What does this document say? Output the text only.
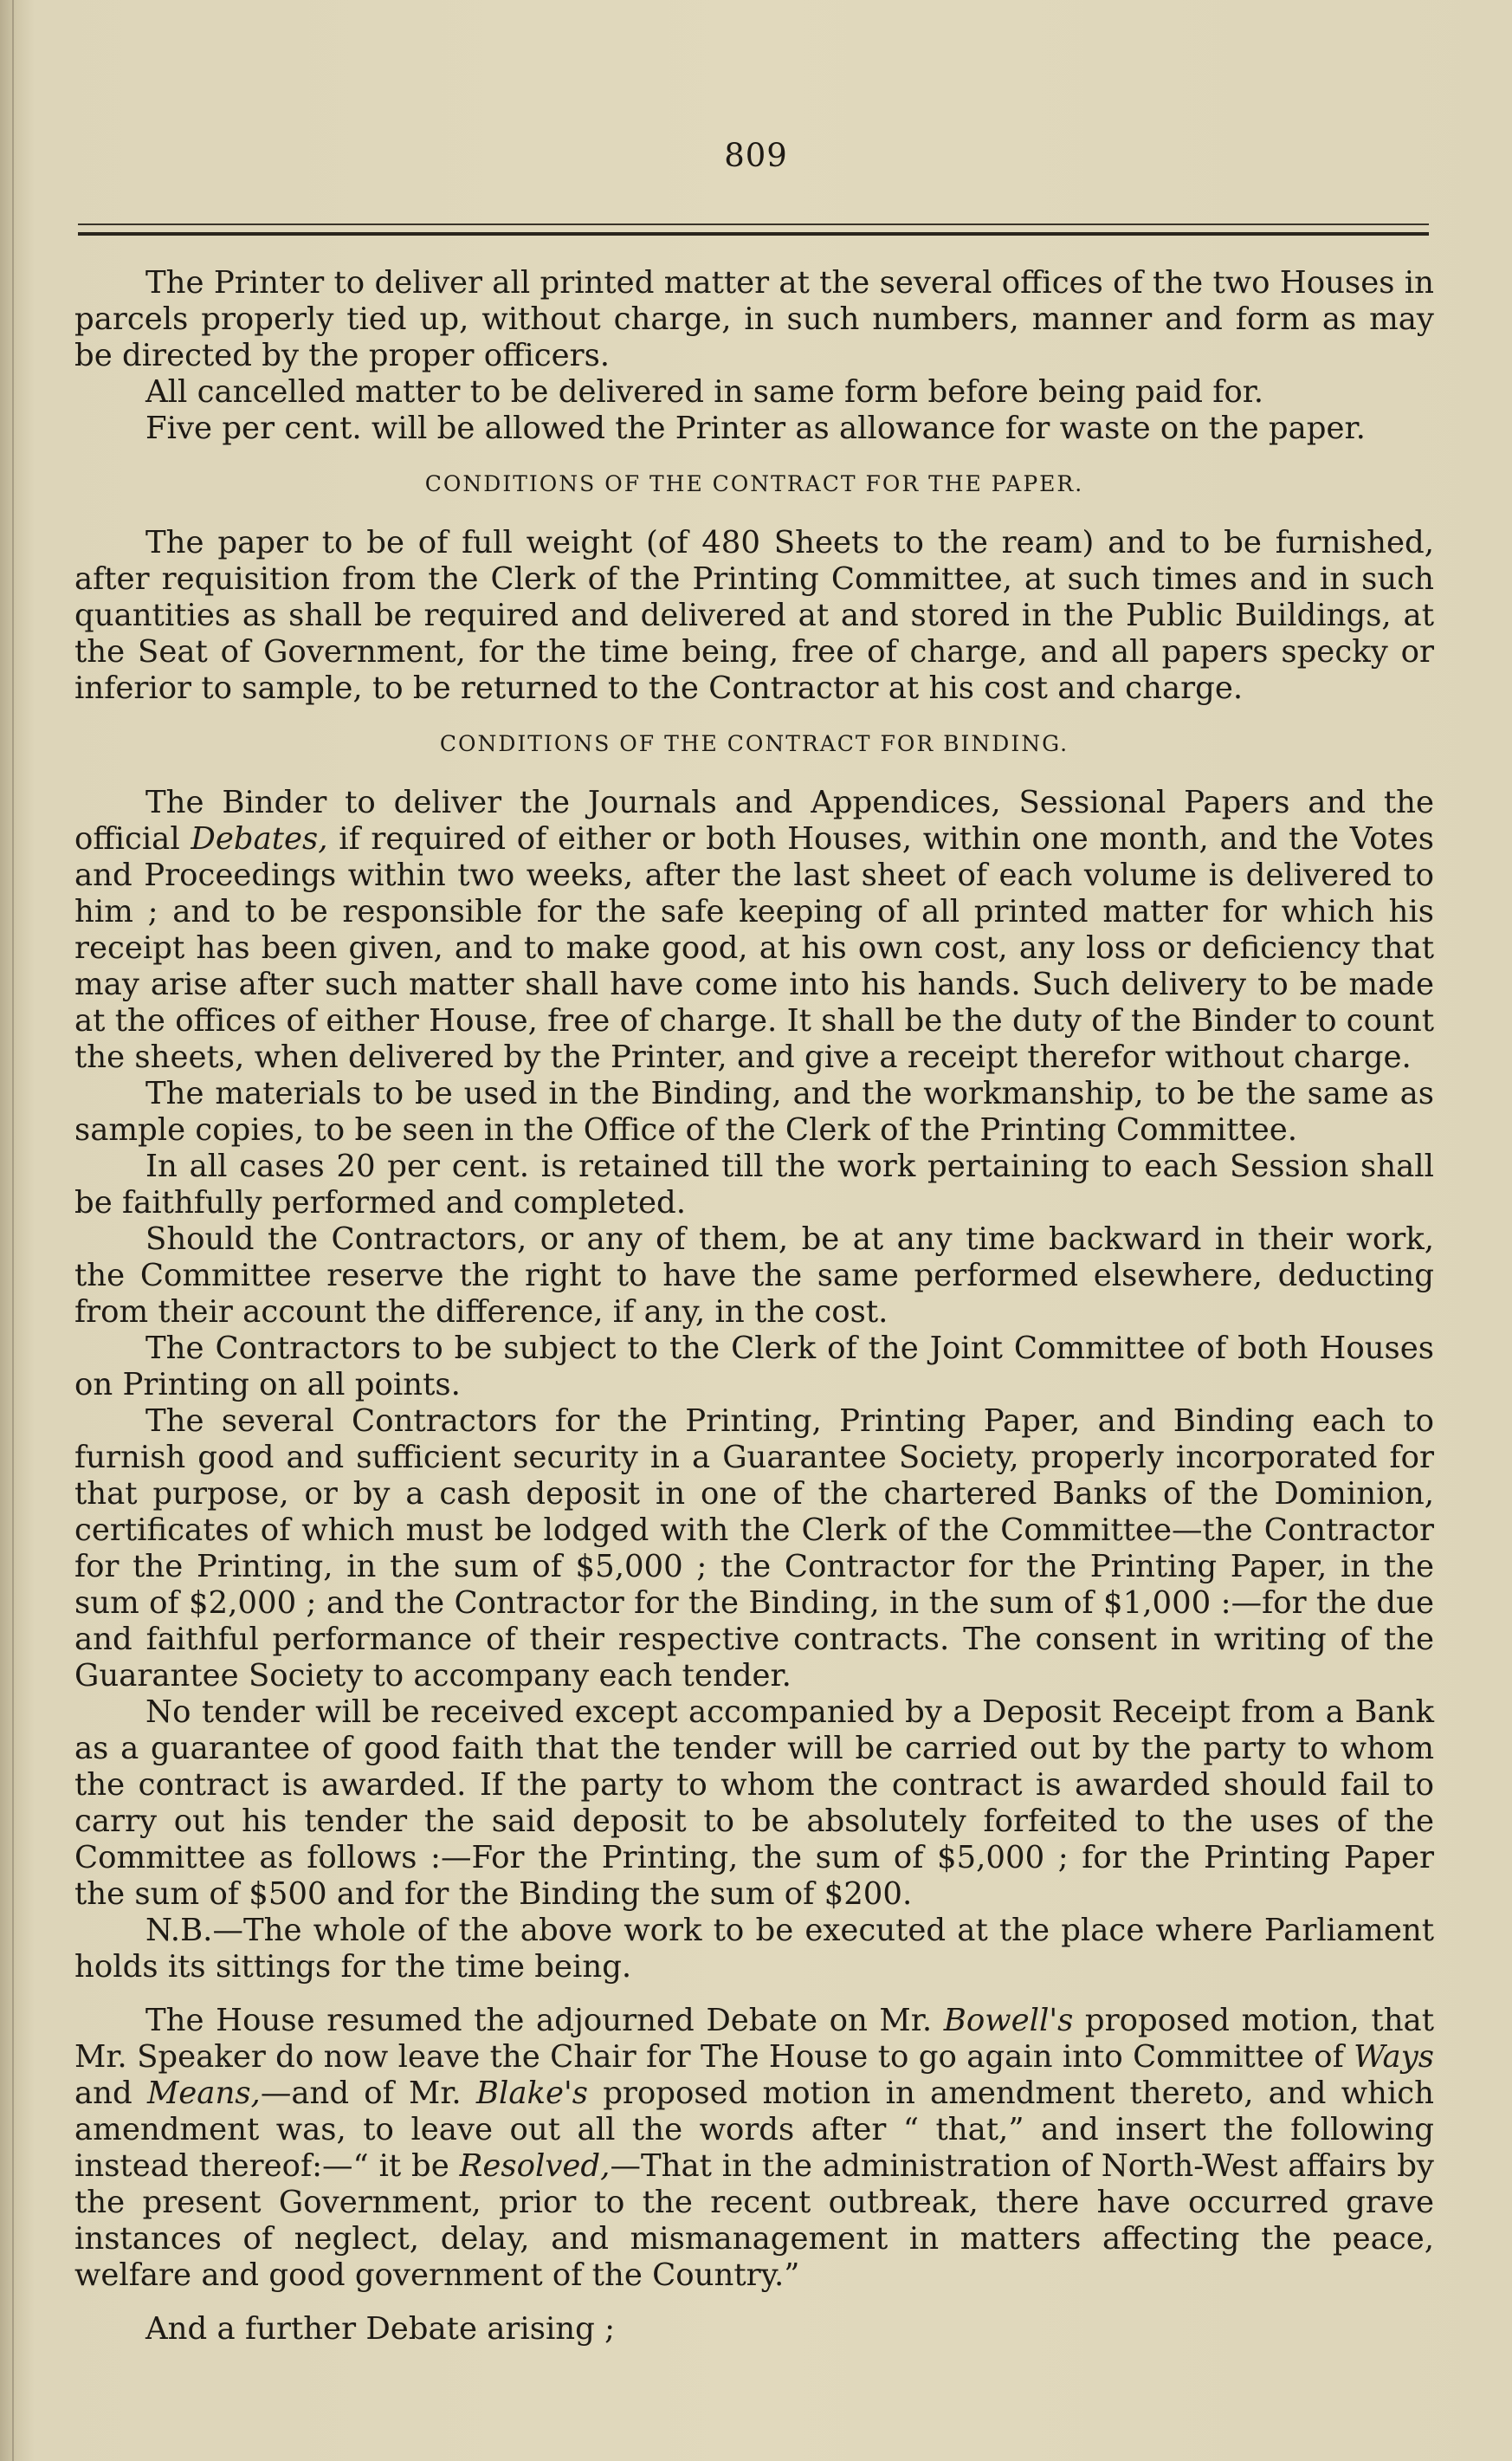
809

The Printer to deliver all printed matter at the several offices of the two Houses in parcels properly tied up, without charge, in such numbers, manner and form as may be directed by the proper officers.

All cancelled matter to be delivered in same form before being paid for.

Five per cent. will be allowed the Printer as allowance for waste on the paper.

CONDITIONS OF THE CONTRACT FOR THE PAPER.

The paper to be of full weight (of 480 Sheets to the ream) and to be furnished, after requisition from the Clerk of the Printing Committee, at such times and in such quantities as shall be required and delivered at and stored in the Public Buildings, at the Seat of Government, for the time being, free of charge, and all papers specky or inferior to sample, to be returned to the Contractor at his cost and charge.

CONDITIONS OF THE CONTRACT FOR BINDING.

The Binder to deliver the Journals and Appendices, Sessional Papers and the official Debates, if required of either or both Houses, within one month, and the Votes and Proceedings within two weeks, after the last sheet of each volume is delivered to him ; and to be responsible for the safe keeping of all printed matter for which his receipt has been given, and to make good, at his own cost, any loss or deficiency that may arise after such matter shall have come into his hands. Such delivery to be made at the offices of either House, free of charge. It shall be the duty of the Binder to count the sheets, when delivered by the Printer, and give a receipt therefor without charge.

The materials to be used in the Binding, and the workmanship, to be the same as sample copies, to be seen in the Office of the Clerk of the Printing Committee.

In all cases 20 per cent. is retained till the work pertaining to each Session shall be faithfully performed and completed.

Should the Contractors, or any of them, be at any time backward in their work, the Committee reserve the right to have the same performed elsewhere, deducting from their account the difference, if any, in the cost.

The Contractors to be subject to the Clerk of the Joint Committee of both Houses on Printing on all points.

The several Contractors for the Printing, Printing Paper, and Binding each to furnish good and sufficient security in a Guarantee Society, properly incorporated for that purpose, or by a cash deposit in one of the chartered Banks of the Dominion, certificates of which must be lodged with the Clerk of the Committee—the Contractor for the Printing, in the sum of $5,000 ; the Contractor for the Printing Paper, in the sum of $2,000 ; and the Contractor for the Binding, in the sum of $1,000 :—for the due and faithful performance of their respective contracts. The consent in writing of the Guarantee Society to accompany each tender.

No tender will be received except accompanied by a Deposit Receipt from a Bank as a guarantee of good faith that the tender will be carried out by the party to whom the contract is awarded. If the party to whom the contract is awarded should fail to carry out his tender the said deposit to be absolutely forfeited to the uses of the Committee as follows :—For the Printing, the sum of $5,000 ; for the Printing Paper the sum of $500 and for the Binding the sum of $200.

N.B.—The whole of the above work to be executed at the place where Parliament holds its sittings for the time being.

The House resumed the adjourned Debate on Mr. Bowell's proposed motion, that Mr. Speaker do now leave the Chair for The House to go again into Committee of Ways and Means,—and of Mr. Blake's proposed motion in amendment thereto, and which amendment was, to leave out all the words after “ that,” and insert the following instead thereof:—“ it be Resolved,—That in the administration of North-West affairs by the present Government, prior to the recent outbreak, there have occurred grave instances of neglect, delay, and mismanagement in matters affecting the peace, welfare and good government of the Country.”

And a further Debate arising ;
